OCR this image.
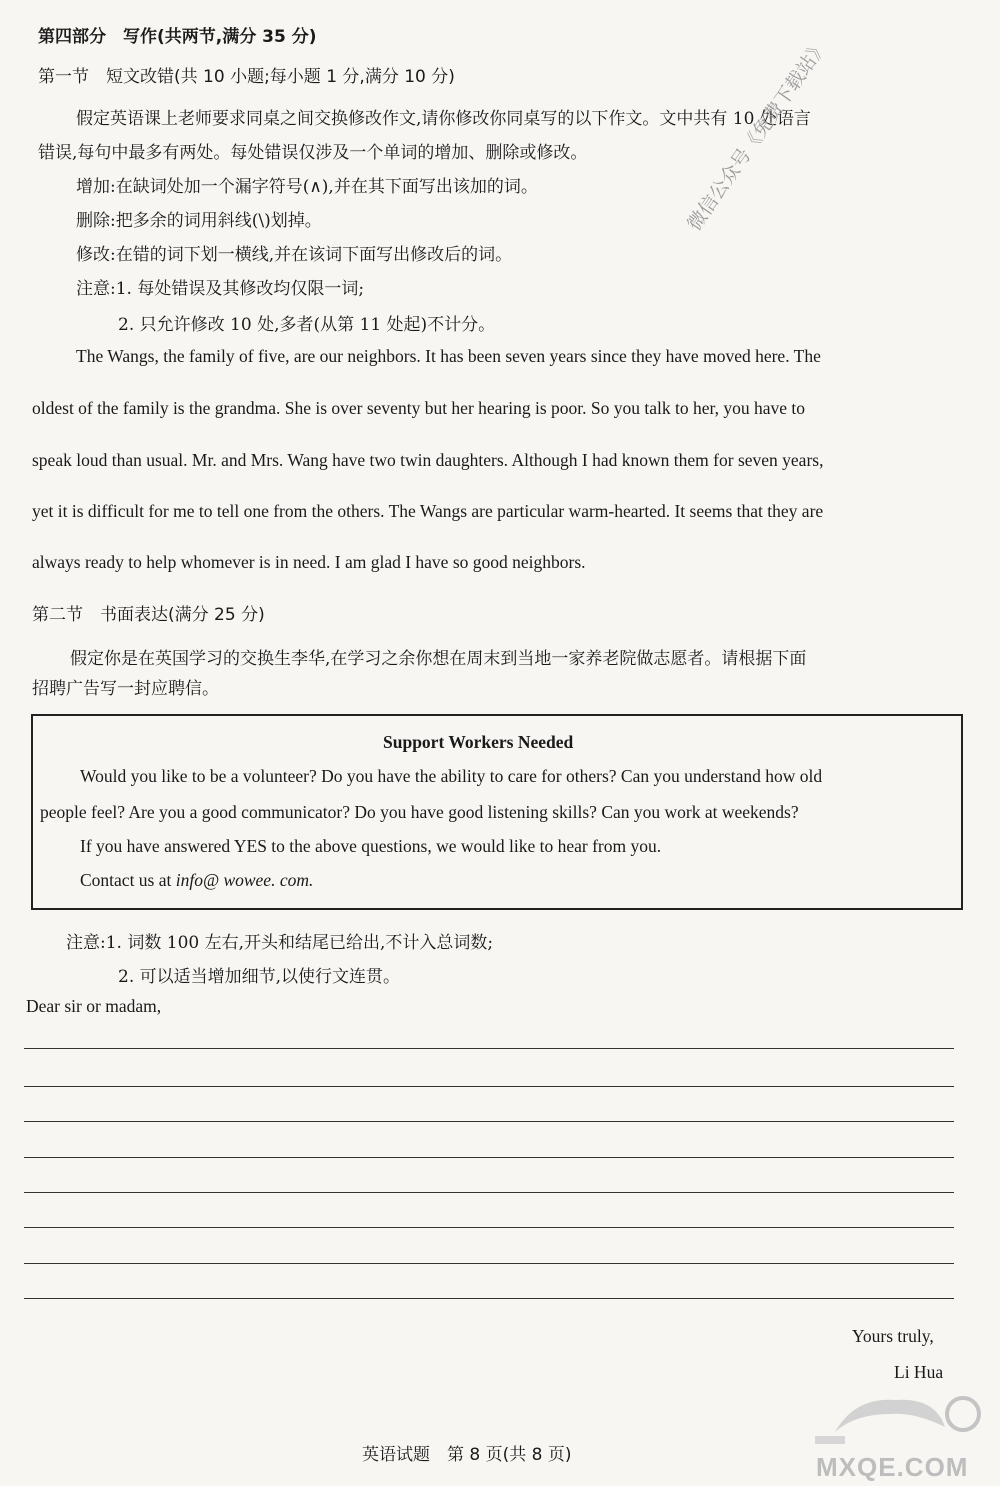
第四部分　写作(共两节,满分 35 分)
第一节　短文改错(共 10 小题;每小题 1 分,满分 10 分)
假定英语课上老师要求同桌之间交换修改作文,请你修改你同桌写的以下作文。文中共有 10 处语言
错误,每句中最多有两处。每处错误仅涉及一个单词的增加、删除或修改。
增加:在缺词处加一个漏字符号(∧),并在其下面写出该加的词。
删除:把多余的词用斜线(\)划掉。
修改:在错的词下划一横线,并在该词下面写出修改后的词。
注意:1. 每处错误及其修改均仅限一词;
2. 只允许修改 10 处,多者(从第 11 处起)不计分。
The Wangs, the family of five, are our neighbors. It has been seven years since they have moved here. The
oldest of the family is the grandma. She is over seventy but her hearing is poor. So you talk to her, you have to
speak loud than usual. Mr. and Mrs. Wang have two twin daughters. Although I had known them for seven years,
yet it is difficult for me to tell one from the others. The Wangs are particular warm-hearted. It seems that they are
always ready to help whomever is in need. I am glad I have so good neighbors.
微信公众号《免费下载站》
第二节　书面表达(满分 25 分)
假定你是在英国学习的交换生李华,在学习之余你想在周末到当地一家养老院做志愿者。请根据下面
招聘广告写一封应聘信。
Support Workers Needed
Would you like to be a volunteer? Do you have the ability to care for others? Can you understand how old
people feel? Are you a good communicator? Do you have good listening skills? Can you work at weekends?
If you have answered YES to the above questions, we would like to hear from you.
Contact us at info@ wowee. com.
注意:1. 词数 100 左右,开头和结尾已给出,不计入总词数;
2. 可以适当增加细节,以使行文连贯。
Dear sir or madam,
Yours truly,
Li Hua
英语试题　第 8 页(共 8 页)	MXQE.COM
